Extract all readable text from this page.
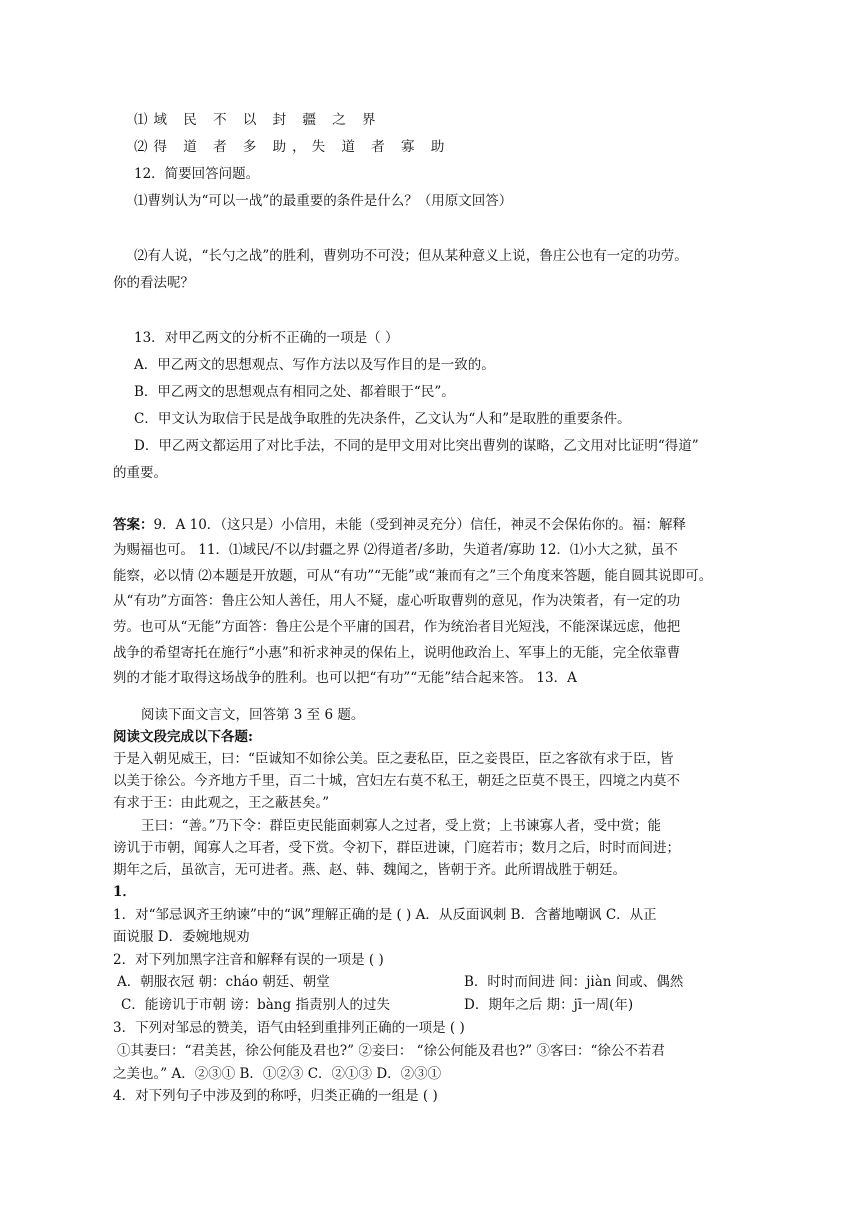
⑴域 民 不 以 封 疆 之 界
⑵得 道 者 多 助，失 道 者 寡 助
12．简要回答问题。
⑴曹刿认为“可以一战”的最重要的条件是什么？（用原文回答）
⑵有人说，“长勺之战”的胜利，曹刿功不可没；但从某种意义上说，鲁庄公也有一定的功劳。
你的看法呢？
13．对甲乙两文的分析不正确的一项是（ ）
A．甲乙两文的思想观点、写作方法以及写作目的是一致的。
B．甲乙两文的思想观点有相同之处、都着眼于“民”。
C．甲文认为取信于民是战争取胜的先决条件，乙文认为“人和”是取胜的重要条件。
D．甲乙两文都运用了对比手法，不同的是甲文用对比突出曹刿的谋略，乙文用对比证明“得道”
的重要。
答案：9．A 10．（这只是）小信用，未能（受到神灵充分）信任，神灵不会保佑你的。福：解释
为赐福也可。 11．⑴域民/不以/封疆之界 ⑵得道者/多助，失道者/寡助 12．⑴小大之狱，虽不
能察，必以情 ⑵本题是开放题，可从“有功”“无能”或“兼而有之”三个角度来答题，能自圆其说即可。
从“有功”方面答：鲁庄公知人善任，用人不疑，虚心听取曹刿的意见，作为决策者，有一定的功
劳。也可从“无能”方面答：鲁庄公是个平庸的国君，作为统治者目光短浅，不能深谋远虑，他把
战争的希望寄托在施行“小惠”和祈求神灵的保佑上，说明他政治上、军事上的无能，完全依靠曹
刿的才能才取得这场战争的胜利。也可以把“有功”“无能”结合起来答。 13．A
阅读下面文言文，回答第 3 至 6 题。
阅读文段完成以下各题:
于是入朝见威王，曰：“臣诚知不如徐公美。臣之妻私臣，臣之妾畏臣，臣之客欲有求于臣，皆
以美于徐公。今齐地方千里，百二十城，宫妇左右莫不私王，朝廷之臣莫不畏王，四境之内莫不
有求于王：由此观之，王之蔽甚矣。”
王曰：“善。”乃下令：群臣吏民能面刺寡人之过者，受上赏；上书谏寡人者，受中赏；能
谤讥于市朝，闻寡人之耳者，受下赏。令初下，群臣进谏，门庭若市；数月之后，时时而间进；
期年之后，虽欲言，无可进者。燕、赵、韩、魏闻之，皆朝于齐。此所谓战胜于朝廷。
1．
1．对“邹忌讽齐王纳谏”中的“讽”理解正确的是 ( ) A．从反面讽刺 B．含蓄地嘲讽 C．从正
面说服 D．委婉地规劝
2．对下列加黑字注音和解释有误的一项是 ( )
A．朝服衣冠 朝：cháo 朝廷、朝堂	B．时时而间进 间：jiàn 间或、偶然
C．能谤讥于市朝 谤：bàng 指责别人的过失	D．期年之后 期：jī一周(年)
3．下列对邹忌的赞美，语气由轻到重排列正确的一项是 ( )
①其妻曰：“君美甚，徐公何能及君也?” ②妾曰： “徐公何能及君也?” ③客曰：“徐公不若君
之美也。” A．②③① B．①②③ C．②①③ D．②③①
4．对下列句子中涉及到的称呼，归类正确的一组是 ( )
